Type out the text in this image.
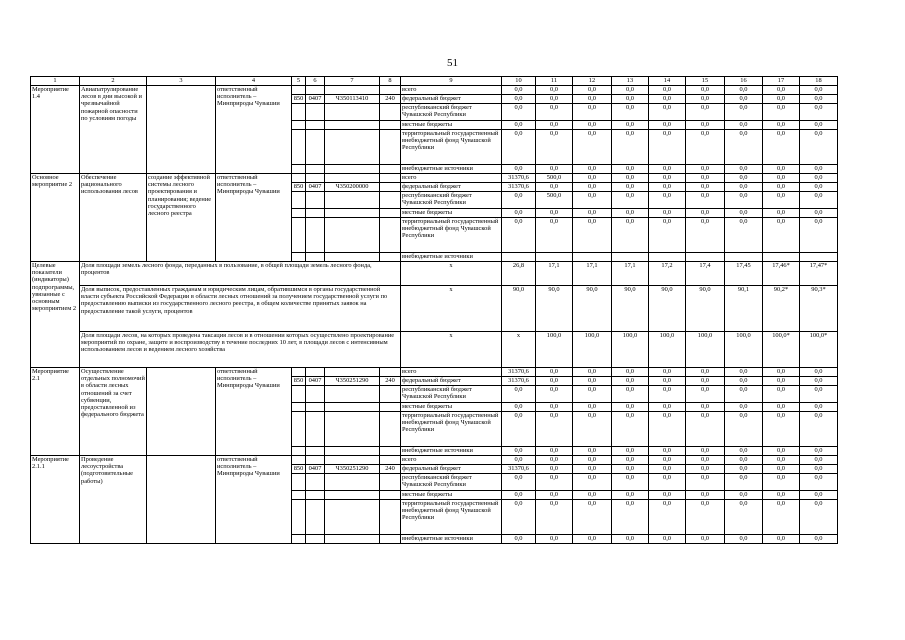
51
1	2	3	4	5	6	7	8	9	10	11	12	13	14	15	16	17	18
Мероприятие 1.4	Авиапатрулирование лесов в дни высокой и чрезвычайной пожарной опасности по условиям погоды		ответственный исполнитель – Минприроды Чувашии					всего	0,0	0,0	0,0	0,0	0,0	0,0	0,0	0,0	0,0
				850	0407	Ч350113410	240	федеральный бюджет	0,0	0,0	0,0	0,0	0,0	0,0	0,0	0,0	0,0
								республиканский бюджет Чувашской Республики	0,0	0,0	0,0	0,0	0,0	0,0	0,0	0,0	0,0
								местные бюджеты	0,0	0,0	0,0	0,0	0,0	0,0	0,0	0,0	0,0
								территориальный государственный внебюджетный фонд Чувашской Республики	0,0	0,0	0,0	0,0	0,0	0,0	0,0	0,0	0,0
								внебюджетные источники	0,0	0,0	0,0	0,0	0,0	0,0	0,0	0,0	0,0
Основное мероприятие 2	Обеспечение рационального использования лесов	создание эффективной системы лесного проектирования и планирования; ведение государственного лесного реестра	ответственный исполнитель – Минприроды Чувашии					всего	31370,6	500,0	0,0	0,0	0,0	0,0	0,0	0,0	0,0
				850	0407	Ч350200000		федеральный бюджет	31370,6	0,0	0,0	0,0	0,0	0,0	0,0	0,0	0,0
								республиканский бюджет Чувашской Республики	0,0	500,0	0,0	0,0	0,0	0,0	0,0	0,0	0,0
								местные бюджеты	0,0	0,0	0,0	0,0	0,0	0,0	0,0	0,0	0,0
								территориальный государственный внебюджетный фонд Чувашской Республики	0,0	0,0	0,0	0,0	0,0	0,0	0,0	0,0	0,0
								внебюджетные источники									
Целевые показатели (индикаторы) подпрограммы, увязанные с основным мероприятием 2	Доля площади земель лесного фонда, переданных в пользование, в общей площади земель лесного фонда, процентов							x	26,8	17,1	17,1	17,1	17,2	17,4	17,45	17,46*	17,47*
	Доля выписок, предоставленных гражданам и юридическим лицам, обратившимся в органы государственной власти субъекта Российской Федерации в области лесных отношений за получением государственной услуги по предоставлению выписки из государственного лесного реестра, в общем количестве принятых заявок на предоставление такой услуги, процентов							x	90,0	90,0	90,0	90,0	90,0	90,0	90,1	90,2*	90,3*
	Доля площади лесов, на которых проведена таксация лесов и в отношении которых осуществлено проектирование мероприятий по охране, защите и воспроизводству в течение последних 10 лет, в площади лесов с интенсивным использованием лесов и ведением лесного хозяйства							x	x	100,0	100,0	100,0	100,0	100,0	100,0	100,0*	100,0*
Мероприятие 2.1	Осуществление отдельных полномочий в области лесных отношений за счет субвенции, предоставленной из федерального бюджета		ответственный исполнитель – Минприроды Чувашии					всего	31370,6	0,0	0,0	0,0	0,0	0,0	0,0	0,0	0,0
				850	0407	Ч350251290	240	федеральный бюджет	31370,6	0,0	0,0	0,0	0,0	0,0	0,0	0,0	0,0
								республиканский бюджет Чувашской Республики	0,0	0,0	0,0	0,0	0,0	0,0	0,0	0,0	0,0
								местные бюджеты	0,0	0,0	0,0	0,0	0,0	0,0	0,0	0,0	0,0
								территориальный государственный внебюджетный фонд Чувашской Республики	0,0	0,0	0,0	0,0	0,0	0,0	0,0	0,0	0,0
								внебюджетные источники	0,0	0,0	0,0	0,0	0,0	0,0	0,0	0,0	0,0
Мероприятие 2.1.1	Проведение лесоустройства (подготовительные работы)		ответственный исполнитель – Минприроды Чувашии					всего	0,0	0,0	0,0	0,0	0,0	0,0	0,0	0,0	0,0
				850	0407	Ч350251290	240	федеральный бюджет	31370,6	0,0	0,0	0,0	0,0	0,0	0,0	0,0	0,0
								республиканский бюджет Чувашской Республики	0,0	0,0	0,0	0,0	0,0	0,0	0,0	0,0	0,0
								местные бюджеты	0,0	0,0	0,0	0,0	0,0	0,0	0,0	0,0	0,0
								территориальный государственный внебюджетный фонд Чувашской Республики	0,0	0,0	0,0	0,0	0,0	0,0	0,0	0,0	0,0
								внебюджетные источники	0,0	0,0	0,0	0,0	0,0	0,0	0,0	0,0	0,0
